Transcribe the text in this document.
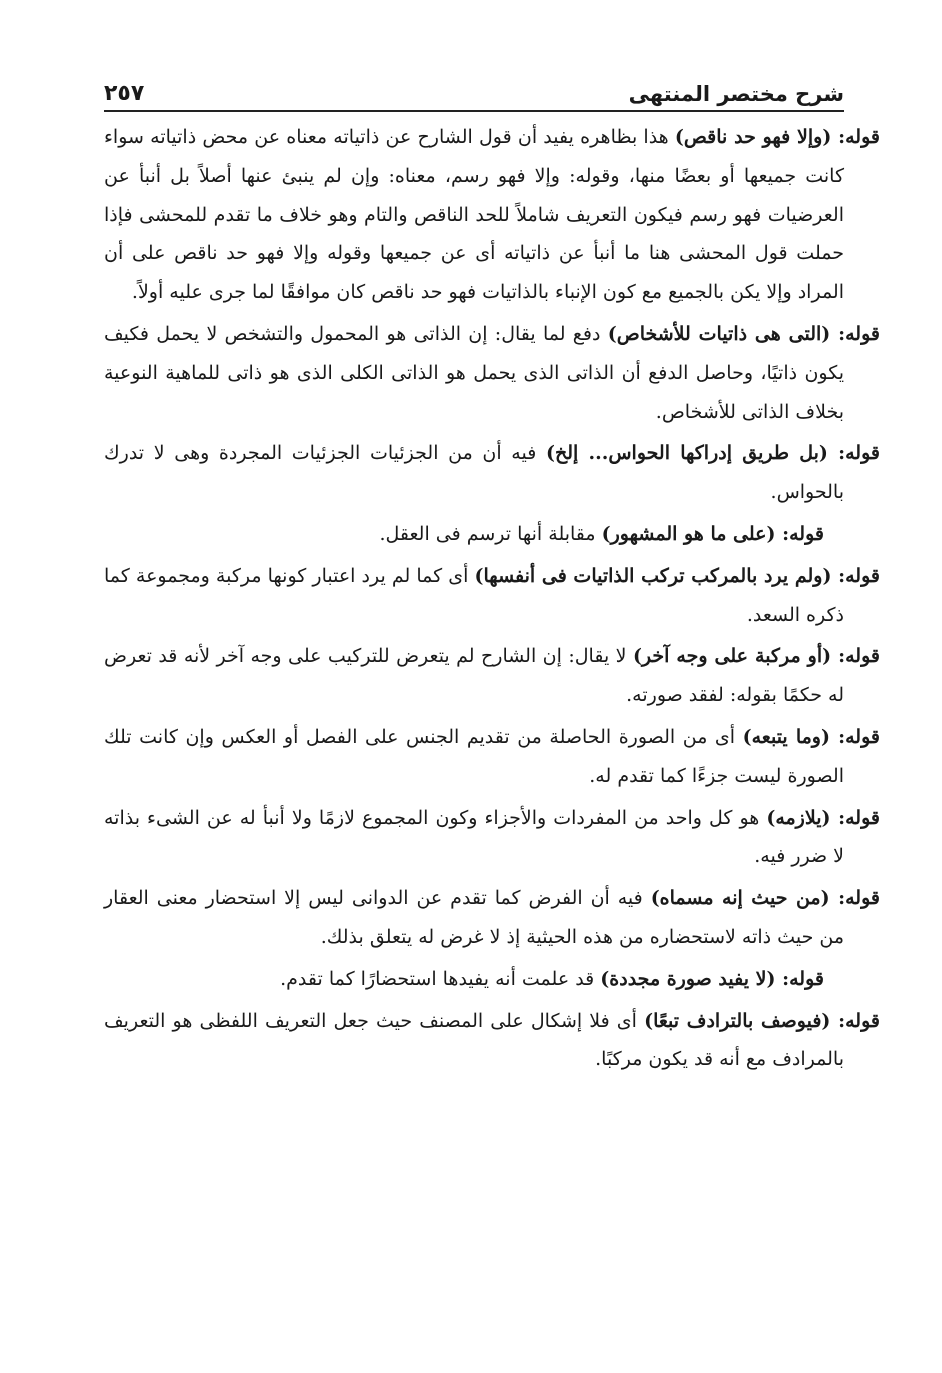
شرح مختصر المنتهى
٢٥٧

قوله: (وإلا فهو حد ناقص) هذا بظاهره يفيد أن قول الشارح عن ذاتياته معناه عن محض ذاتياته سواء كانت جميعها أو بعضًا منها، وقوله: وإلا فهو رسم، معناه: وإن لم ينبئ عنها أصلاً بل أنبأ عن العرضيات فهو رسم فيكون التعريف شاملاً للحد الناقص والتام وهو خلاف ما تقدم للمحشى فإذا حملت قول المحشى هنا ما أنبأ عن ذاتياته أى عن جميعها وقوله وإلا فهو حد ناقص على أن المراد وإلا يكن بالجميع مع كون الإنباء بالذاتيات فهو حد ناقص كان موافقًا لما جرى عليه أولاً.

قوله: (التى هى ذاتيات للأشخاص) دفع لما يقال: إن الذاتى هو المحمول والتشخص لا يحمل فكيف يكون ذاتيًا، وحاصل الدفع أن الذاتى الذى يحمل هو الذاتى الكلى الذى هو ذاتى للماهية النوعية بخلاف الذاتى للأشخاص.

قوله: (بل طريق إدراكها الحواس... إلخ) فيه أن من الجزئيات الجزئيات المجردة وهى لا تدرك بالحواس.

قوله: (على ما هو المشهور) مقابلة أنها ترسم فى العقل.

قوله: (ولم يرد بالمركب تركب الذاتيات فى أنفسها) أى كما لم يرد اعتبار كونها مركبة ومجموعة كما ذكره السعد.

قوله: (أو مركبة على وجه آخر) لا يقال: إن الشارح لم يتعرض للتركيب على وجه آخر لأنه قد تعرض له حكمًا بقوله: لفقد صورته.

قوله: (وما يتبعه) أى من الصورة الحاصلة من تقديم الجنس على الفصل أو العكس وإن كانت تلك الصورة ليست جزءًا كما تقدم له.

قوله: (يلازمه) هو كل واحد من المفردات والأجزاء وكون المجموع لازمًا ولا أنبأ له عن الشىء بذاته لا ضرر فيه.

قوله: (من حيث إنه مسماه) فيه أن الفرض كما تقدم عن الدوانى ليس إلا استحضار معنى العقار من حيث ذاته لاستحضاره من هذه الحيثية إذ لا غرض له يتعلق بذلك.

قوله: (لا يفيد صورة مجددة) قد علمت أنه يفيدها استحضارًا كما تقدم.

قوله: (فيوصف بالترادف تبعًا) أى فلا إشكال على المصنف حيث جعل التعريف اللفظى هو التعريف بالمرادف مع أنه قد يكون مركبًا.
